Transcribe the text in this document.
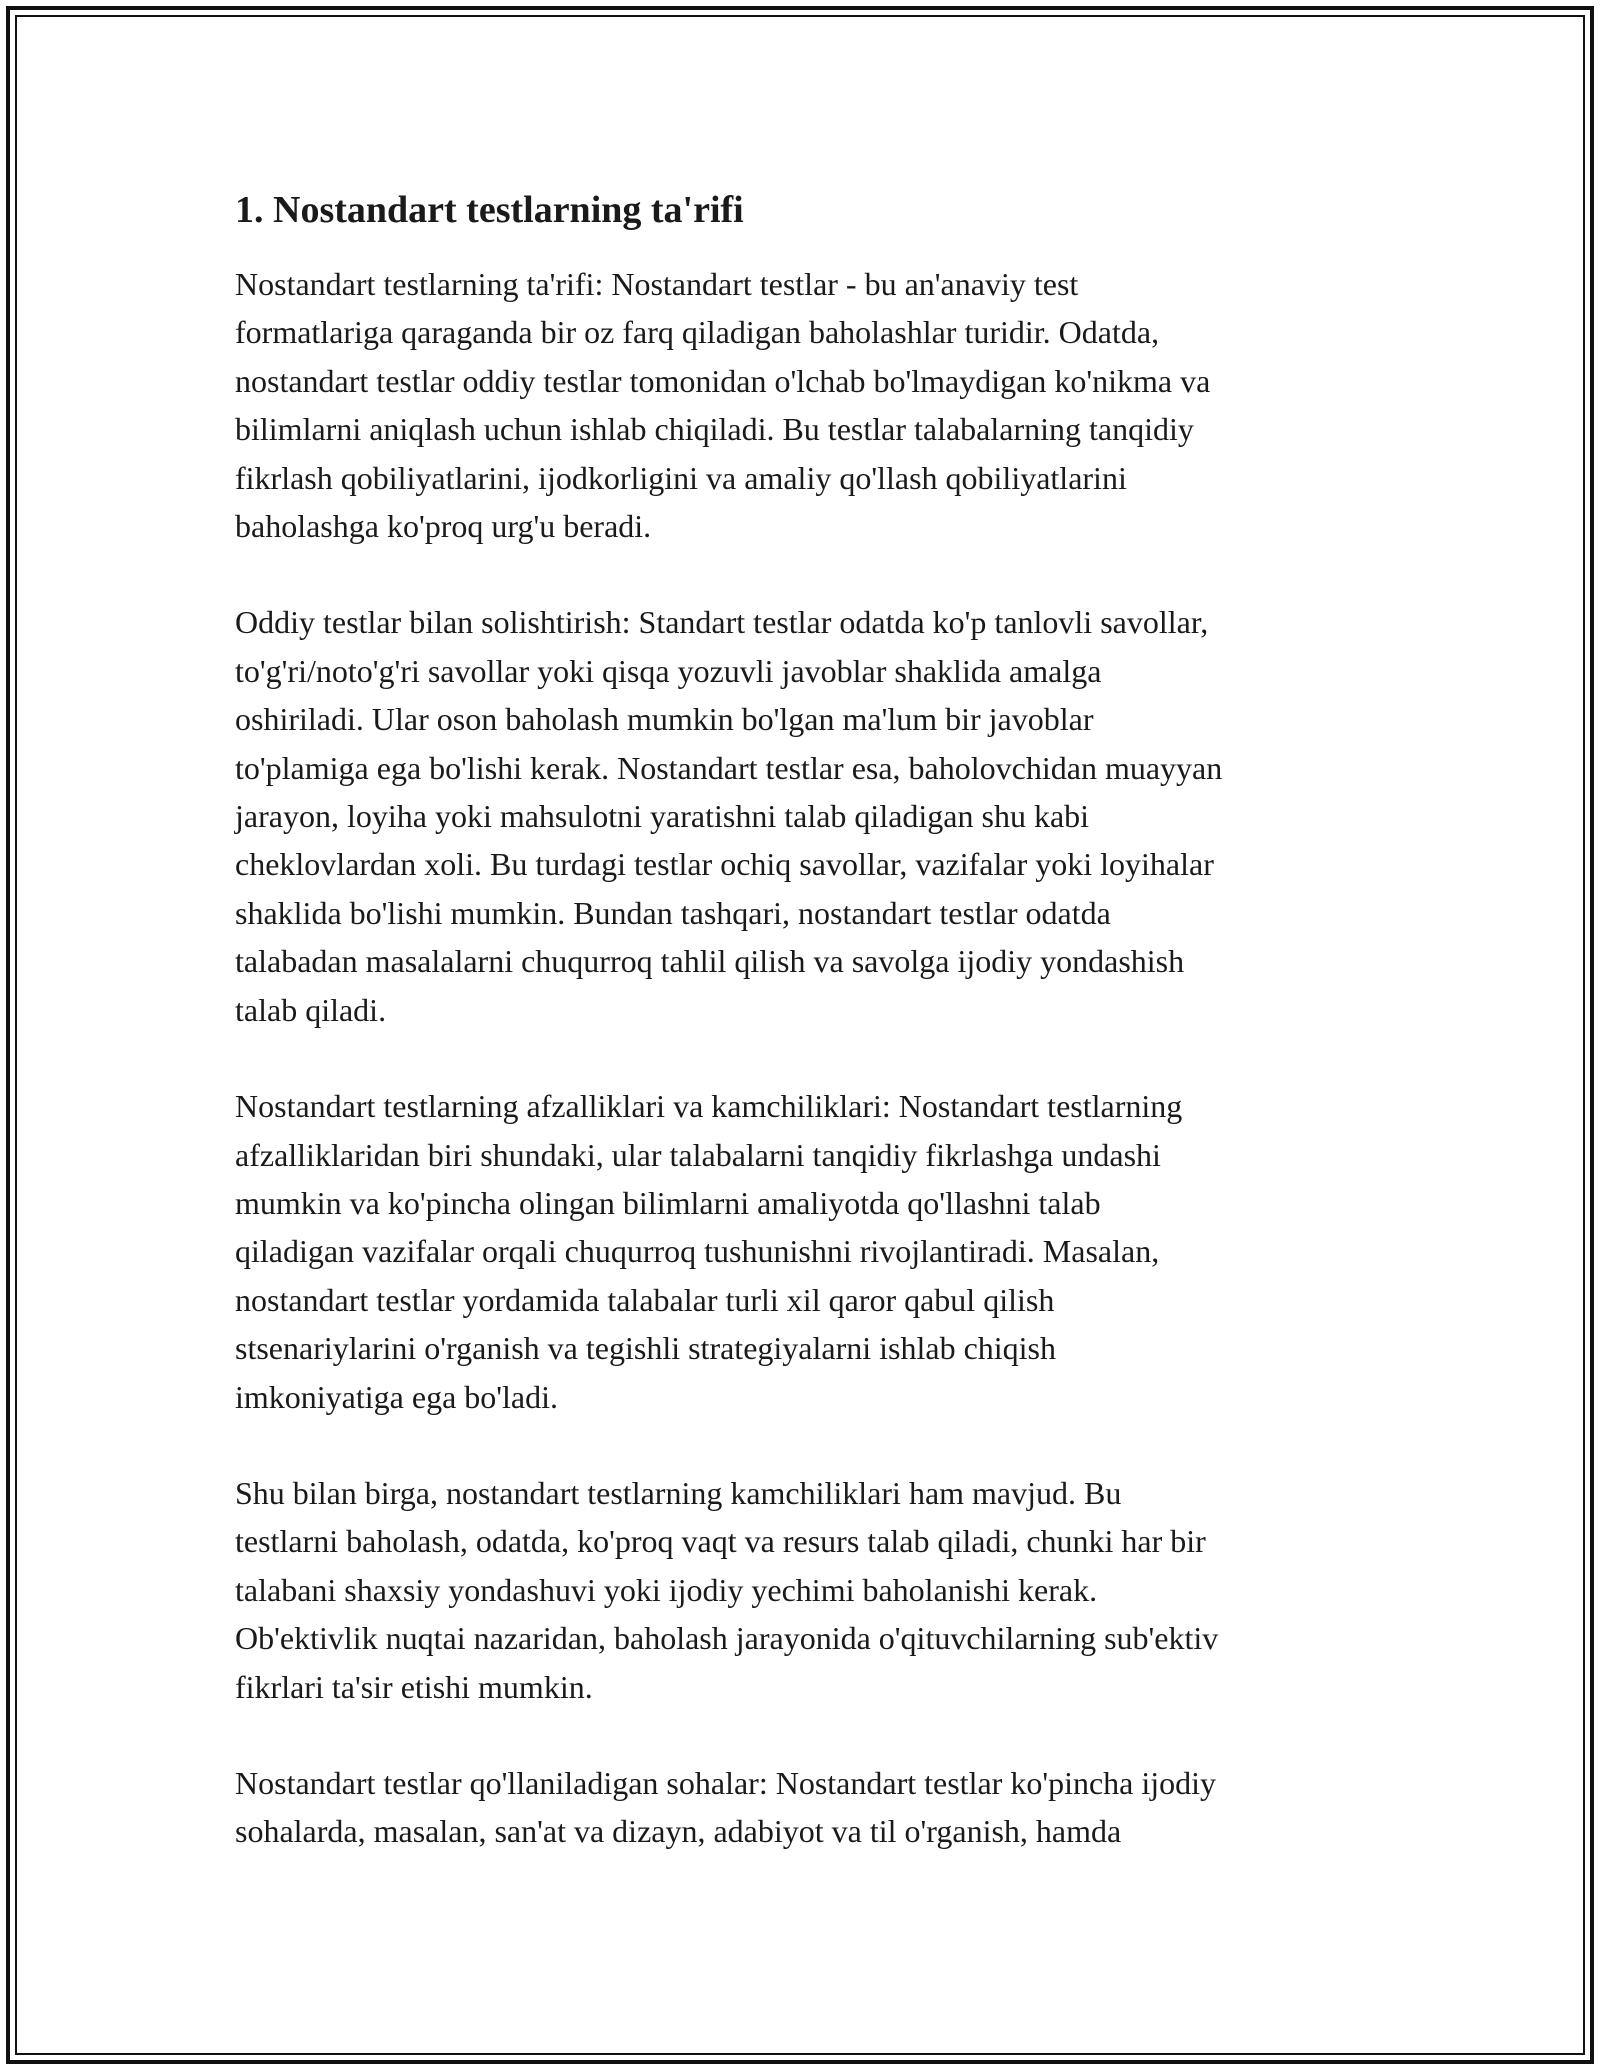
1. Nostandart testlarning ta'rifi

Nostandart testlarning ta'rifi: Nostandart testlar - bu an'anaviy test
formatlariga qaraganda bir oz farq qiladigan baholashlar turidir. Odatda,
nostandart testlar oddiy testlar tomonidan o'lchab bo'lmaydigan ko'nikma va
bilimlarni aniqlash uchun ishlab chiqiladi. Bu testlar talabalarning tanqidiy
fikrlash qobiliyatlarini, ijodkorligini va amaliy qo'llash qobiliyatlarini
baholashga ko'proq urg'u beradi.

Oddiy testlar bilan solishtirish: Standart testlar odatda ko'p tanlovli savollar,
to'g'ri/noto'g'ri savollar yoki qisqa yozuvli javoblar shaklida amalga
oshiriladi. Ular oson baholash mumkin bo'lgan ma'lum bir javoblar
to'plamiga ega bo'lishi kerak. Nostandart testlar esa, baholovchidan muayyan
jarayon, loyiha yoki mahsulotni yaratishni talab qiladigan shu kabi
cheklovlardan xoli. Bu turdagi testlar ochiq savollar, vazifalar yoki loyihalar
shaklida bo'lishi mumkin. Bundan tashqari, nostandart testlar odatda
talabadan masalalarni chuqurroq tahlil qilish va savolga ijodiy yondashish
talab qiladi.

Nostandart testlarning afzalliklari va kamchiliklari: Nostandart testlarning
afzalliklaridan biri shundaki, ular talabalarni tanqidiy fikrlashga undashi
mumkin va ko'pincha olingan bilimlarni amaliyotda qo'llashni talab
qiladigan vazifalar orqali chuqurroq tushunishni rivojlantiradi. Masalan,
nostandart testlar yordamida talabalar turli xil qaror qabul qilish
stsenariylarini o'rganish va tegishli strategiyalarni ishlab chiqish
imkoniyatiga ega bo'ladi.

Shu bilan birga, nostandart testlarning kamchiliklari ham mavjud. Bu
testlarni baholash, odatda, ko'proq vaqt va resurs talab qiladi, chunki har bir
talabani shaxsiy yondashuvi yoki ijodiy yechimi baholanishi kerak.
Ob'ektivlik nuqtai nazaridan, baholash jarayonida o'qituvchilarning sub'ektiv
fikrlari ta'sir etishi mumkin.

Nostandart testlar qo'llaniladigan sohalar: Nostandart testlar ko'pincha ijodiy
sohalarda, masalan, san'at va dizayn, adabiyot va til o'rganish, hamda
